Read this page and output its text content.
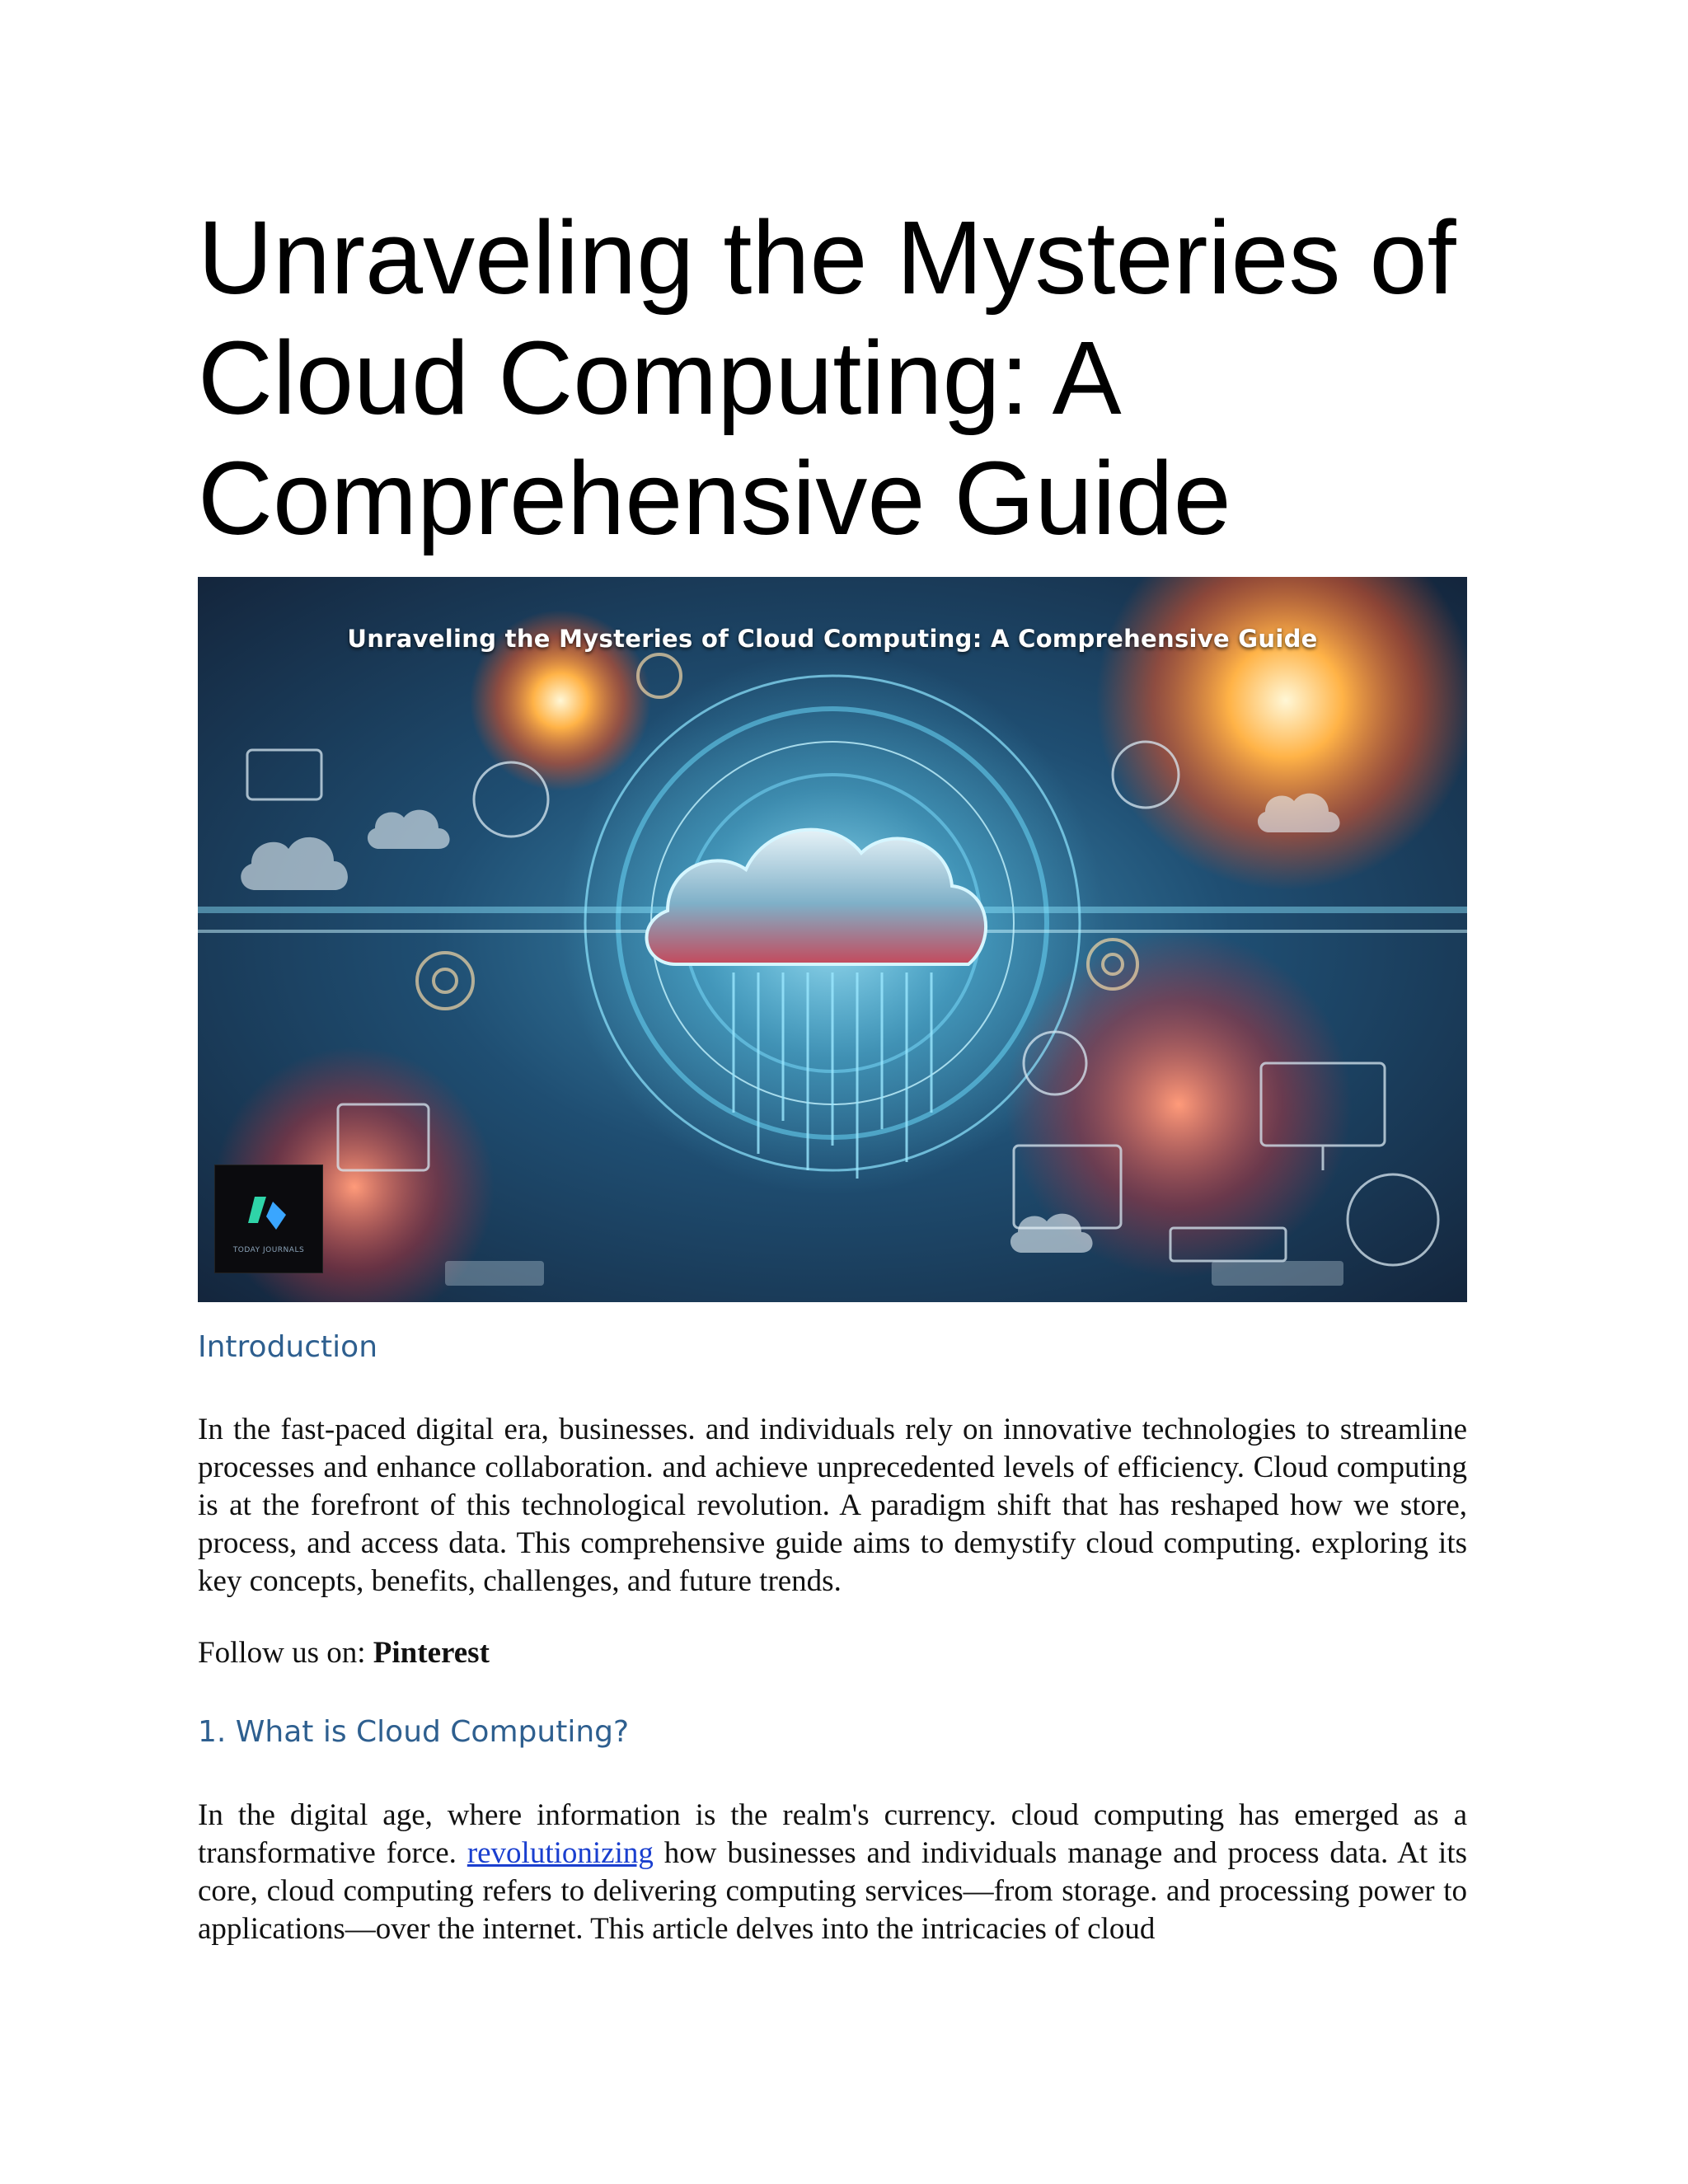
Unraveling the Mysteries of Cloud Computing: A Comprehensive Guide
Unraveling the Mysteries of Cloud Computing: A Comprehensive Guide
TODAY JOURNALS
Introduction

In the fast-paced digital era, businesses. and individuals rely on innovative technologies to streamline processes and enhance collaboration. and achieve unprecedented levels of efficiency. Cloud computing is at the forefront of this technological revolution. A paradigm shift that has reshaped how we store, process, and access data. This comprehensive guide aims to demystify cloud computing. exploring its key concepts, benefits, challenges, and future trends.

Follow us on: Pinterest
1. What is Cloud Computing?

In the digital age, where information is the realm's currency. cloud computing has emerged as a transformative force. revolutionizing how businesses and individuals manage and process data. At its core, cloud computing refers to delivering computing services—from storage. and processing power to applications—over the internet. This article delves into the intricacies of cloud
